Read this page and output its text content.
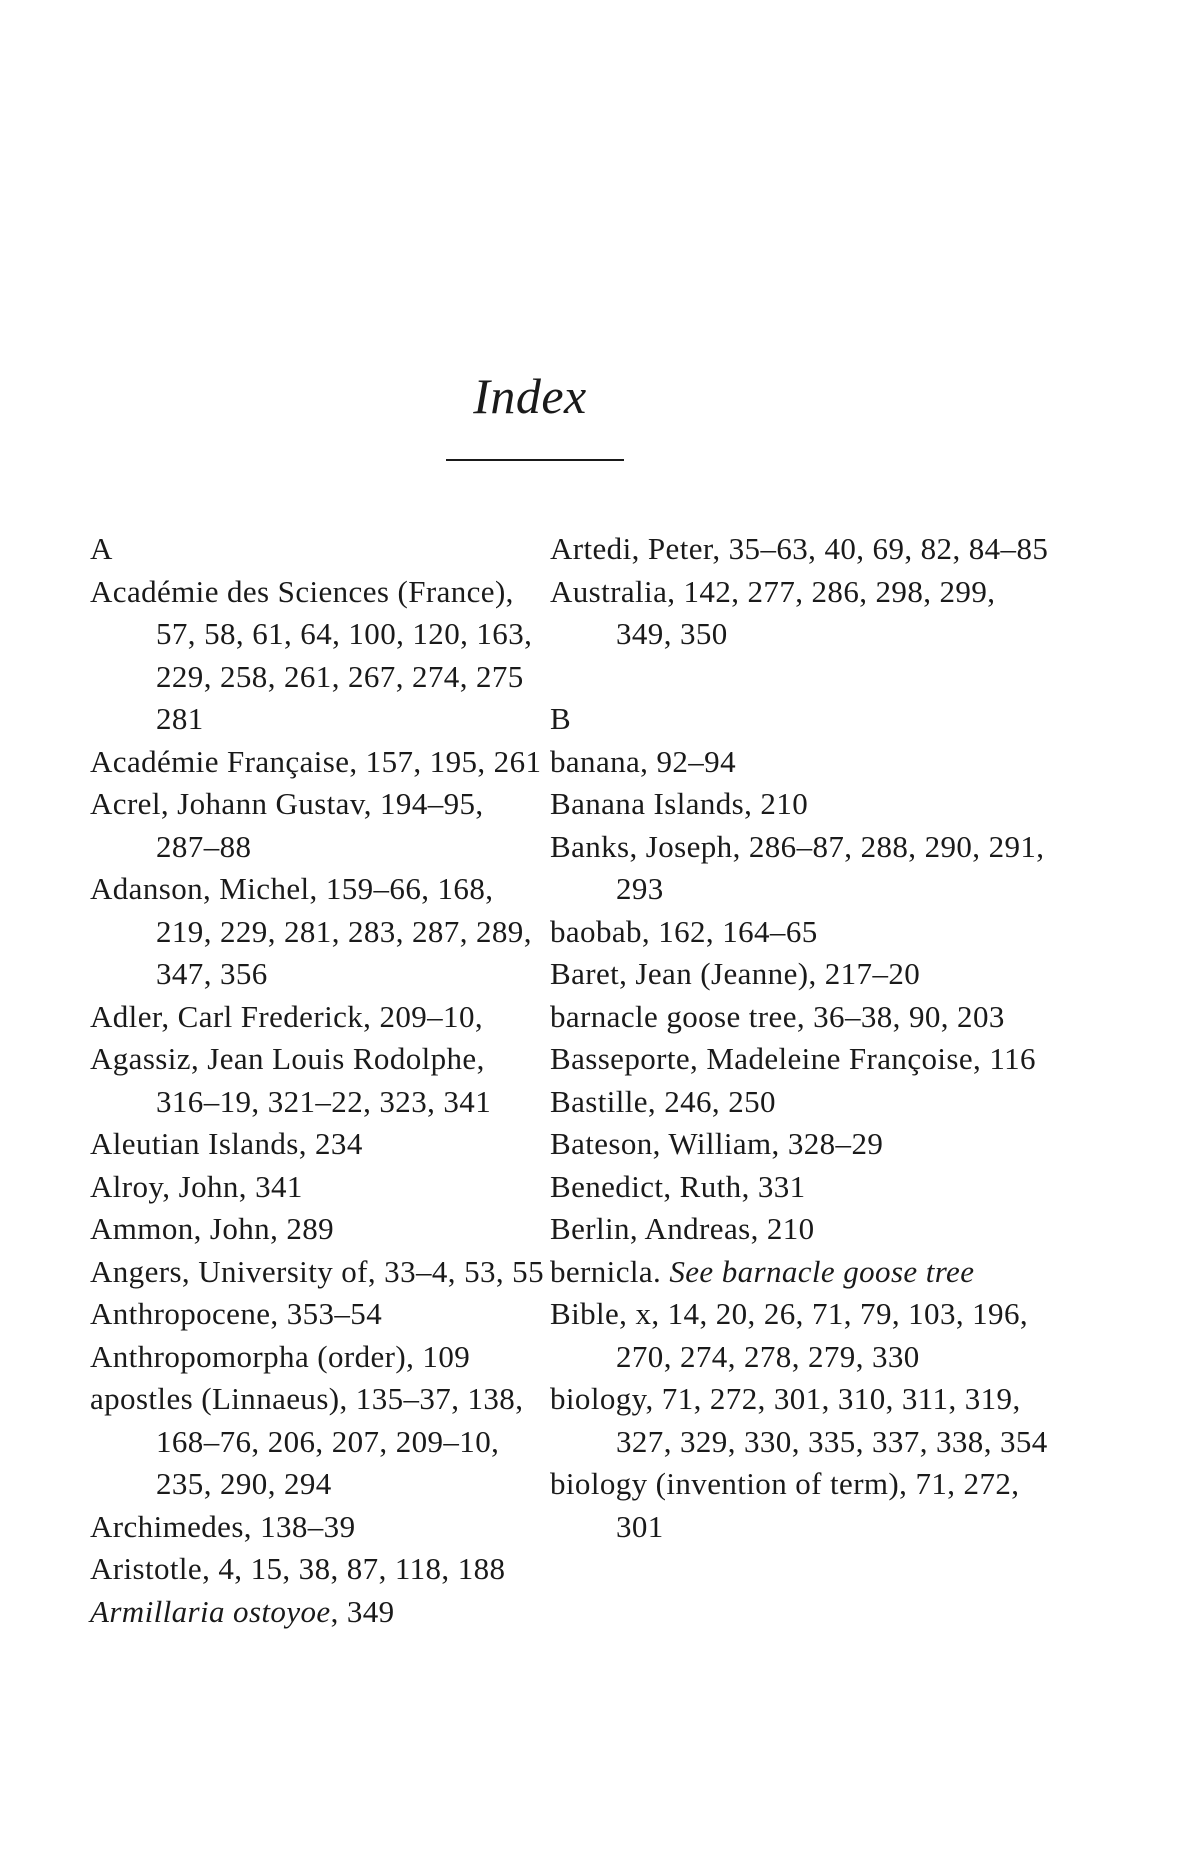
Index
A
Académie des Sciences (France), 57, 58, 61, 64, 100, 120, 163, 229, 258, 261, 267, 274, 275 281
Académie Française, 157, 195, 261
Acrel, Johann Gustav, 194–95, 287–88
Adanson, Michel, 159–66, 168, 219, 229, 281, 283, 287, 289, 347, 356
Adler, Carl Frederick, 209–10,
Agassiz, Jean Louis Rodolphe, 316–19, 321–22, 323, 341
Aleutian Islands, 234
Alroy, John, 341
Ammon, John, 289
Angers, University of, 33–4, 53, 55
Anthropocene, 353–54
Anthropomorpha (order), 109
apostles (Linnaeus), 135–37, 138, 168–76, 206, 207, 209–10, 235, 290, 294
Archimedes, 138–39
Aristotle, 4, 15, 38, 87, 118, 188
Armillaria ostoyoe, 349
Artedi, Peter, 35–63, 40, 69, 82, 84–85
Australia, 142, 277, 286, 298, 299, 349, 350
B
banana, 92–94
Banana Islands, 210
Banks, Joseph, 286–87, 288, 290, 291, 293
baobab, 162, 164–65
Baret, Jean (Jeanne), 217–20
barnacle goose tree, 36–38, 90, 203
Basseporte, Madeleine Françoise, 116
Bastille, 246, 250
Bateson, William, 328–29
Benedict, Ruth, 331
Berlin, Andreas, 210
bernicla. See barnacle goose tree
Bible, x, 14, 20, 26, 71, 79, 103, 196, 270, 274, 278, 279, 330
biology, 71, 272, 301, 310, 311, 319, 327, 329, 330, 335, 337, 338, 354
biology (invention of term), 71, 272, 301
